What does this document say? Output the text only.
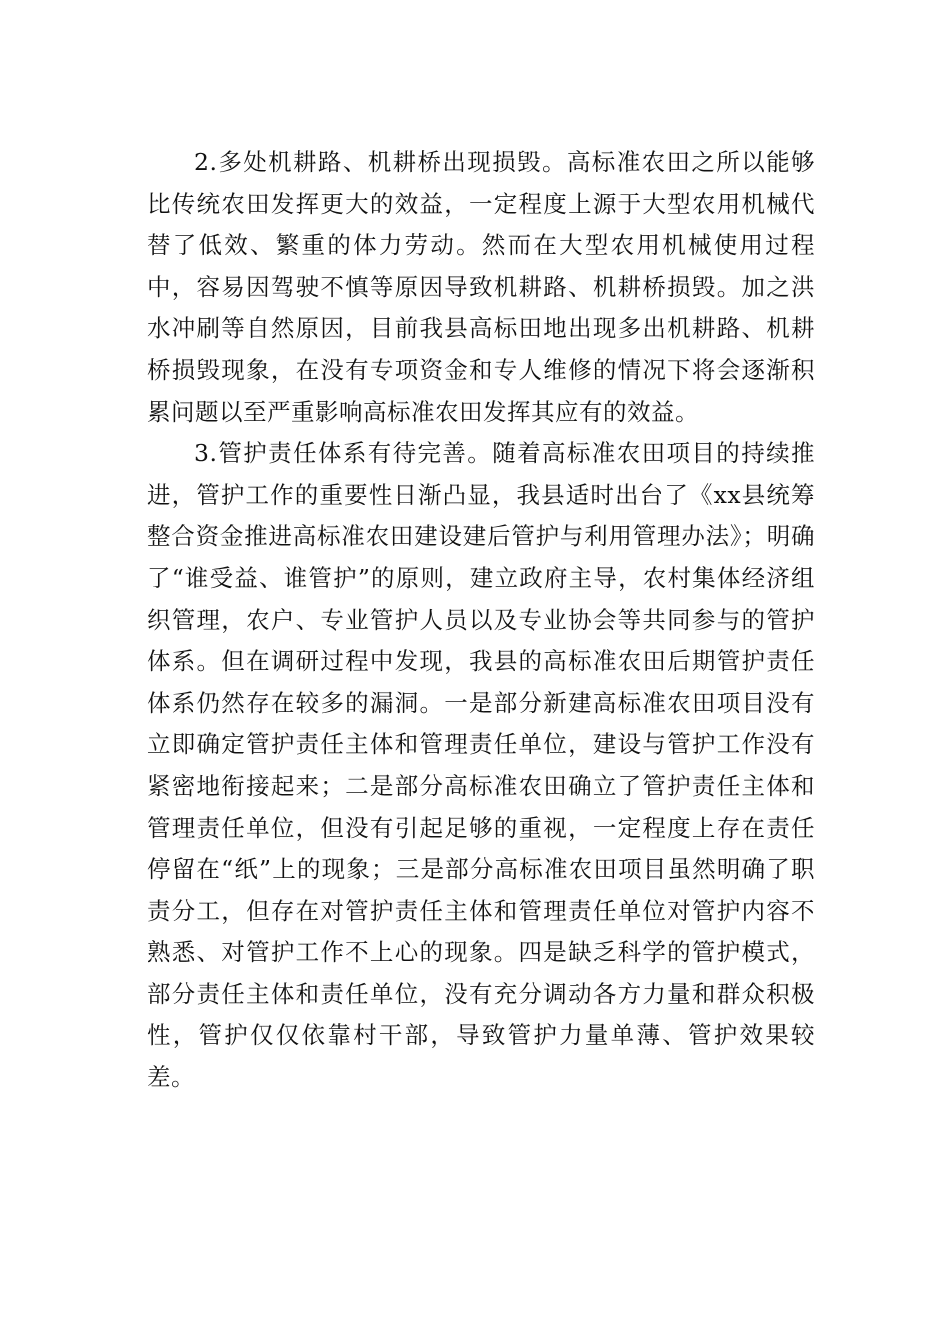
2.多处机耕路、机耕桥出现损毁。高标准农田之所以能够比传统农田发挥更大的效益，一定程度上源于大型农用机械代替了低效、繁重的体力劳动。然而在大型农用机械使用过程中，容易因驾驶不慎等原因导致机耕路、机耕桥损毁。加之洪水冲刷等自然原因，目前我县高标田地出现多出机耕路、机耕桥损毁现象，在没有专项资金和专人维修的情况下将会逐渐积累问题以至严重影响高标准农田发挥其应有的效益。

3.管护责任体系有待完善。随着高标准农田项目的持续推进，管护工作的重要性日渐凸显，我县适时出台了《xx县统筹整合资金推进高标准农田建设建后管护与利用管理办法》；明确了“谁受益、谁管护”的原则，建立政府主导，农村集体经济组织管理，农户、专业管护人员以及专业协会等共同参与的管护体系。但在调研过程中发现，我县的高标准农田后期管护责任体系仍然存在较多的漏洞。一是部分新建高标准农田项目没有立即确定管护责任主体和管理责任单位，建设与管护工作没有紧密地衔接起来；二是部分高标准农田确立了管护责任主体和管理责任单位，但没有引起足够的重视，一定程度上存在责任停留在“纸”上的现象；三是部分高标准农田项目虽然明确了职责分工，但存在对管护责任主体和管理责任单位对管护内容不熟悉、对管护工作不上心的现象。四是缺乏科学的管护模式，部分责任主体和责任单位，没有充分调动各方力量和群众积极性，管护仅仅依靠村干部，导致管护力量单薄、管护效果较差。
